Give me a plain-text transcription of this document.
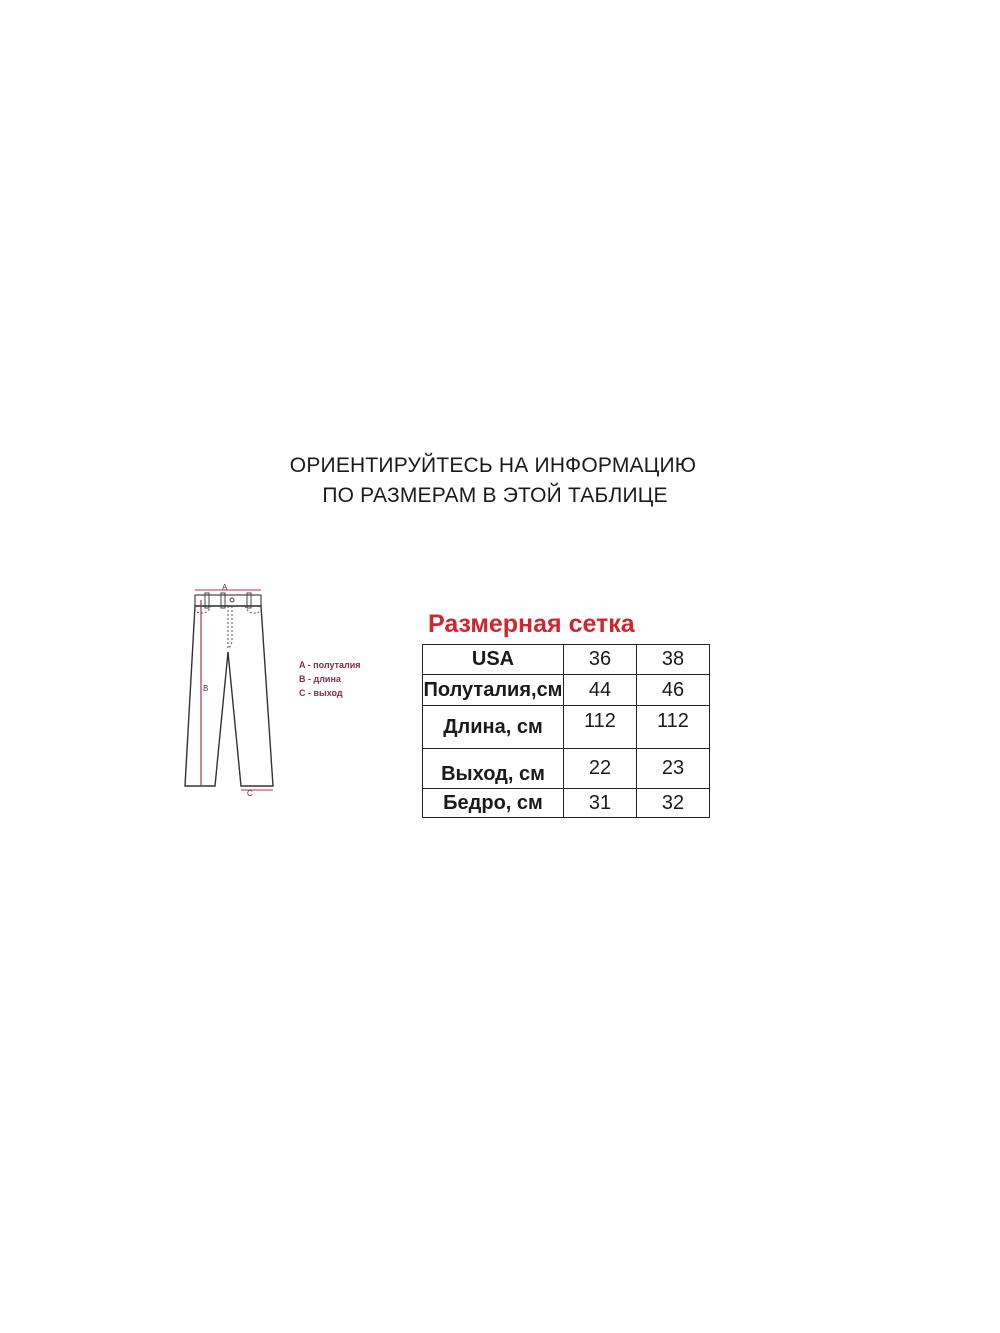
ОРИЕНТИРУЙТЕСЬ НА ИНФОРМАЦИЮ
ПО РАЗМЕРАМ В ЭТОЙ ТАБЛИЦЕ
A
B
C
A - полуталия
B - длина
C - выход
Размерная сетка
USA	36	38
Полуталия,см	44	46
Длина, см	112	112
Выход, см	22	23
Бедро, см	31	32
